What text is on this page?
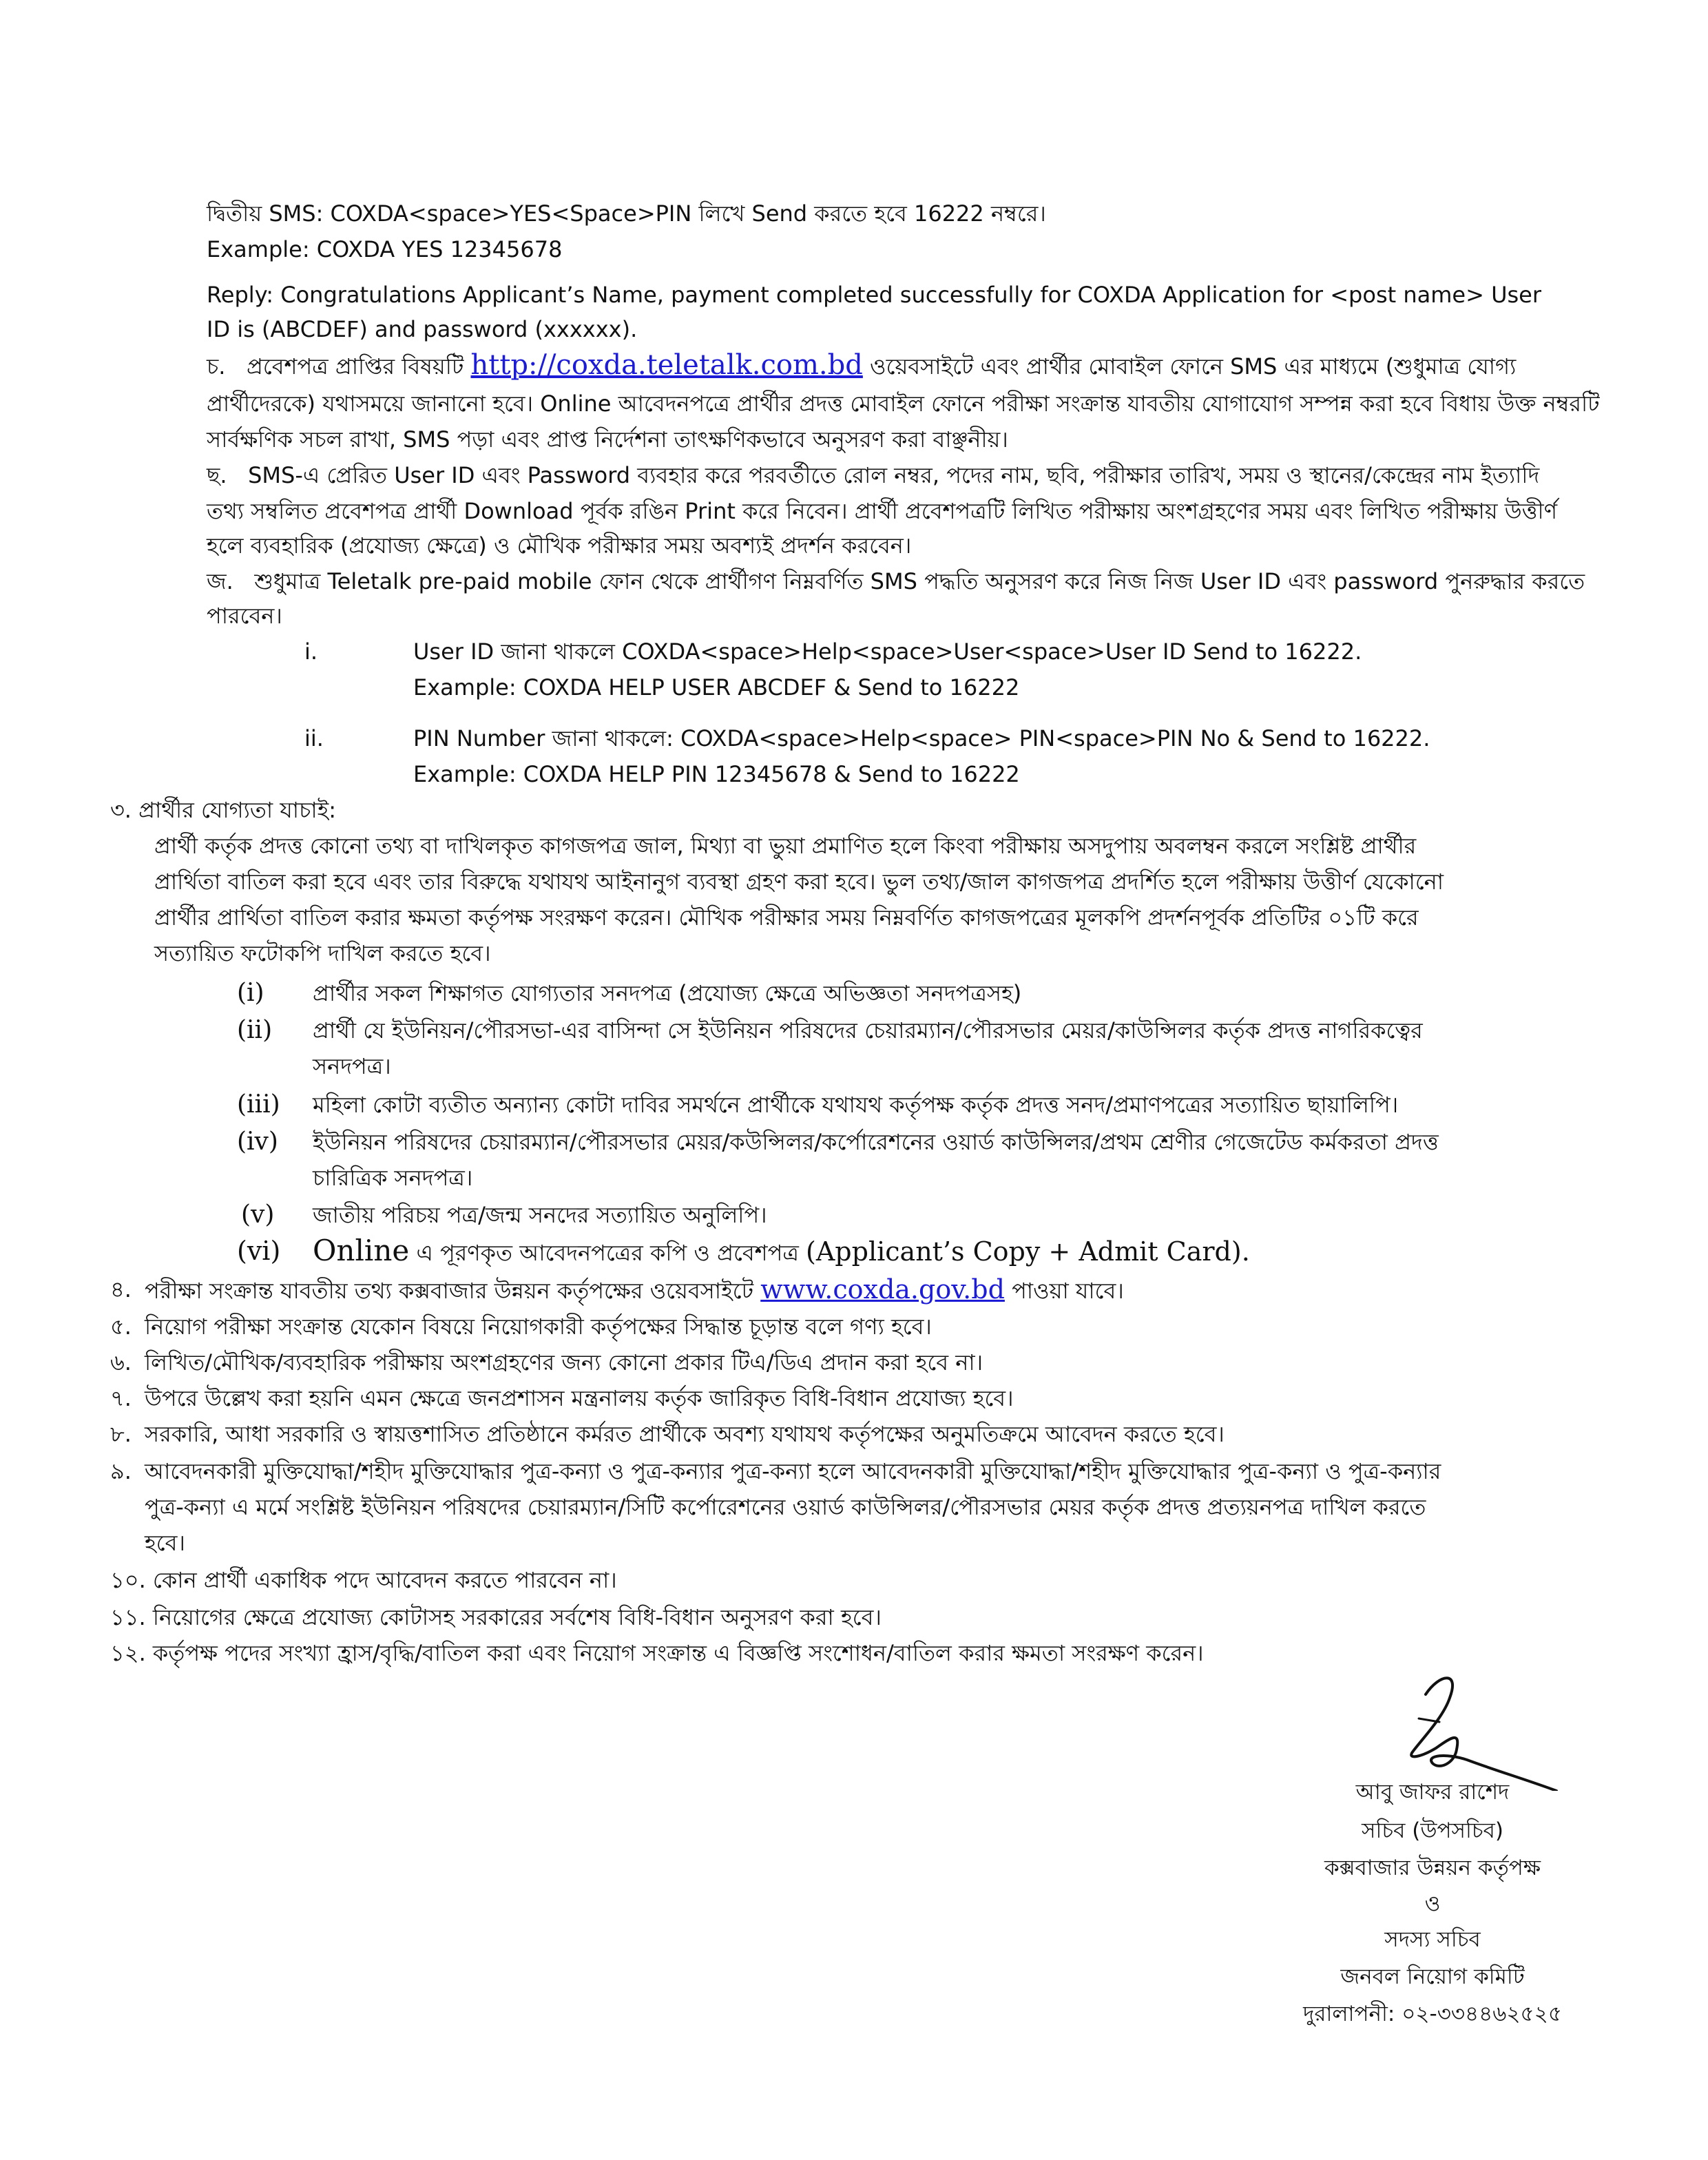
দ্বিতীয় SMS: COXDA<space>YES<Space>PIN লিখে Send করতে হবে 16222 নম্বরে।
Example: COXDA YES 12345678
Reply: Congratulations Applicant’s Name, payment completed successfully for COXDA Application for <post name> User
ID is (ABCDEF) and password (xxxxxx).
চ. প্রবেশপত্র প্রাপ্তির বিষয়টি http://coxda.teletalk.com.bd ওয়েবসাইটে এবং প্রার্থীর মোবাইল ফোনে SMS এর মাধ্যমে (শুধুমাত্র যোগ্য
প্রার্থীদেরকে) যথাসময়ে জানানো হবে। Online আবেদনপত্রে প্রার্থীর প্রদত্ত মোবাইল ফোনে পরীক্ষা সংক্রান্ত যাবতীয় যোগাযোগ সম্পন্ন করা হবে বিধায় উক্ত নম্বরটি
সার্বক্ষণিক সচল রাখা, SMS পড়া এবং প্রাপ্ত নির্দেশনা তাৎক্ষণিকভাবে অনুসরণ করা বাঞ্ছনীয়।
ছ. SMS-এ প্রেরিত User ID এবং Password ব্যবহার করে পরবর্তীতে রোল নম্বর, পদের নাম, ছবি, পরীক্ষার তারিখ, সময় ও স্থানের/কেন্দ্রের নাম ইত্যাদি
তথ্য সম্বলিত প্রবেশপত্র প্রার্থী Download পূর্বক রঙিন Print করে নিবেন। প্রার্থী প্রবেশপত্রটি লিখিত পরীক্ষায় অংশগ্রহণের সময় এবং লিখিত পরীক্ষায় উত্তীর্ণ
হলে ব্যবহারিক (প্রযোজ্য ক্ষেত্রে) ও মৌখিক পরীক্ষার সময় অবশ্যই প্রদর্শন করবেন।
জ. শুধুমাত্র Teletalk pre-paid mobile ফোন থেকে প্রার্থীগণ নিম্নবর্ণিত SMS পদ্ধতি অনুসরণ করে নিজ নিজ User ID এবং password পুনরুদ্ধার করতে
পারবেন।
i.	User ID জানা থাকলে COXDA<space>Help<space>User<space>User ID Send to 16222.
Example: COXDA HELP USER ABCDEF & Send to 16222
ii.	PIN Number জানা থাকলে: COXDA<space>Help<space> PIN<space>PIN No & Send to 16222.
Example: COXDA HELP PIN 12345678 & Send to 16222
৩. প্রার্থীর যোগ্যতা যাচাই:
প্রার্থী কর্তৃক প্রদত্ত কোনো তথ্য বা দাখিলকৃত কাগজপত্র জাল, মিথ্যা বা ভুয়া প্রমাণিত হলে কিংবা পরীক্ষায় অসদুপায় অবলম্বন করলে সংশ্লিষ্ট প্রার্থীর
প্রার্থিতা বাতিল করা হবে এবং তার বিরুদ্ধে যথাযথ আইনানুগ ব্যবস্থা গ্রহণ করা হবে। ভুল তথ্য/জাল কাগজপত্র প্রদর্শিত হলে পরীক্ষায় উত্তীর্ণ যেকোনো
প্রার্থীর প্রার্থিতা বাতিল করার ক্ষমতা কর্তৃপক্ষ সংরক্ষণ করেন। মৌখিক পরীক্ষার সময় নিম্নবর্ণিত কাগজপত্রের মূলকপি প্রদর্শনপূর্বক প্রতিটির ০১টি করে
সত্যায়িত ফটোকপি দাখিল করতে হবে।
(i) প্রার্থীর সকল শিক্ষাগত যোগ্যতার সনদপত্র (প্রযোজ্য ক্ষেত্রে অভিজ্ঞতা সনদপত্রসহ)
(ii) প্রার্থী যে ইউনিয়ন/পৌরসভা-এর বাসিন্দা সে ইউনিয়ন পরিষদের চেয়ারম্যান/পৌরসভার মেয়র/কাউন্সিলর কর্তৃক প্রদত্ত নাগরিকত্বের
সনদপত্র।
(iii) মহিলা কোটা ব্যতীত অন্যান্য কোটা দাবির সমর্থনে প্রার্থীকে যথাযথ কর্তৃপক্ষ কর্তৃক প্রদত্ত সনদ/প্রমাণপত্রের সত্যায়িত ছায়ালিপি।
(iv) ইউনিয়ন পরিষদের চেয়ারম্যান/পৌরসভার মেয়র/কউন্সিলর/কর্পোরেশনের ওয়ার্ড কাউন্সিলর/প্রথম শ্রেণীর গেজেটেড কর্মকরতা প্রদত্ত
চারিত্রিক সনদপত্র।
(v) জাতীয় পরিচয় পত্র/জন্ম সনদের সত্যায়িত অনুলিপি।
(vi) Online এ পূরণকৃত আবেদনপত্রের কপি ও প্রবেশপত্র (Applicant’s Copy + Admit Card).
৪. পরীক্ষা সংক্রান্ত যাবতীয় তথ্য কক্সবাজার উন্নয়ন কর্তৃপক্ষের ওয়েবসাইটে www.coxda.gov.bd পাওয়া যাবে।
৫. নিয়োগ পরীক্ষা সংক্রান্ত যেকোন বিষয়ে নিয়োগকারী কর্তৃপক্ষের সিদ্ধান্ত চূড়ান্ত বলে গণ্য হবে।
৬. লিখিত/মৌখিক/ব্যবহারিক পরীক্ষায় অংশগ্রহণের জন্য কোনো প্রকার টিএ/ডিএ প্রদান করা হবে না।
৭. উপরে উল্লেখ করা হয়নি এমন ক্ষেত্রে জনপ্রশাসন মন্ত্রনালয় কর্তৃক জারিকৃত বিধি-বিধান প্রযোজ্য হবে।
৮. সরকারি, আধা সরকারি ও স্বায়ত্তশাসিত প্রতিষ্ঠানে কর্মরত প্রার্থীকে অবশ্য যথাযথ কর্তৃপক্ষের অনুমতিক্রমে আবেদন করতে হবে।
৯. আবেদনকারী মুক্তিযোদ্ধা/শহীদ মুক্তিযোদ্ধার পুত্র-কন্যা ও পুত্র-কন্যার পুত্র-কন্যা হলে আবেদনকারী মুক্তিযোদ্ধা/শহীদ মুক্তিযোদ্ধার পুত্র-কন্যা ও পুত্র-কন্যার
পুত্র-কন্যা এ মর্মে সংশ্লিষ্ট ইউনিয়ন পরিষদের চেয়ারম্যান/সিটি কর্পোরেশনের ওয়ার্ড কাউন্সিলর/পৌরসভার মেয়র কর্তৃক প্রদত্ত প্রত্যয়নপত্র দাখিল করতে
হবে।
১০. কোন প্রার্থী একাধিক পদে আবেদন করতে পারবেন না।
১১. নিয়োগের ক্ষেত্রে প্রযোজ্য কোটাসহ সরকারের সর্বশেষ বিধি-বিধান অনুসরণ করা হবে।
১২. কর্তৃপক্ষ পদের সংখ্যা হ্রাস/বৃদ্ধি/বাতিল করা এবং নিয়োগ সংক্রান্ত এ বিজ্ঞপ্তি সংশোধন/বাতিল করার ক্ষমতা সংরক্ষণ করেন।
আবু জাফর রাশেদ
সচিব (উপসচিব)
কক্সবাজার উন্নয়ন কর্তৃপক্ষ
ও
সদস্য সচিব
জনবল নিয়োগ কমিটি
দুরালাপনী: ০২-৩৩৪৪৬২৫২৫
